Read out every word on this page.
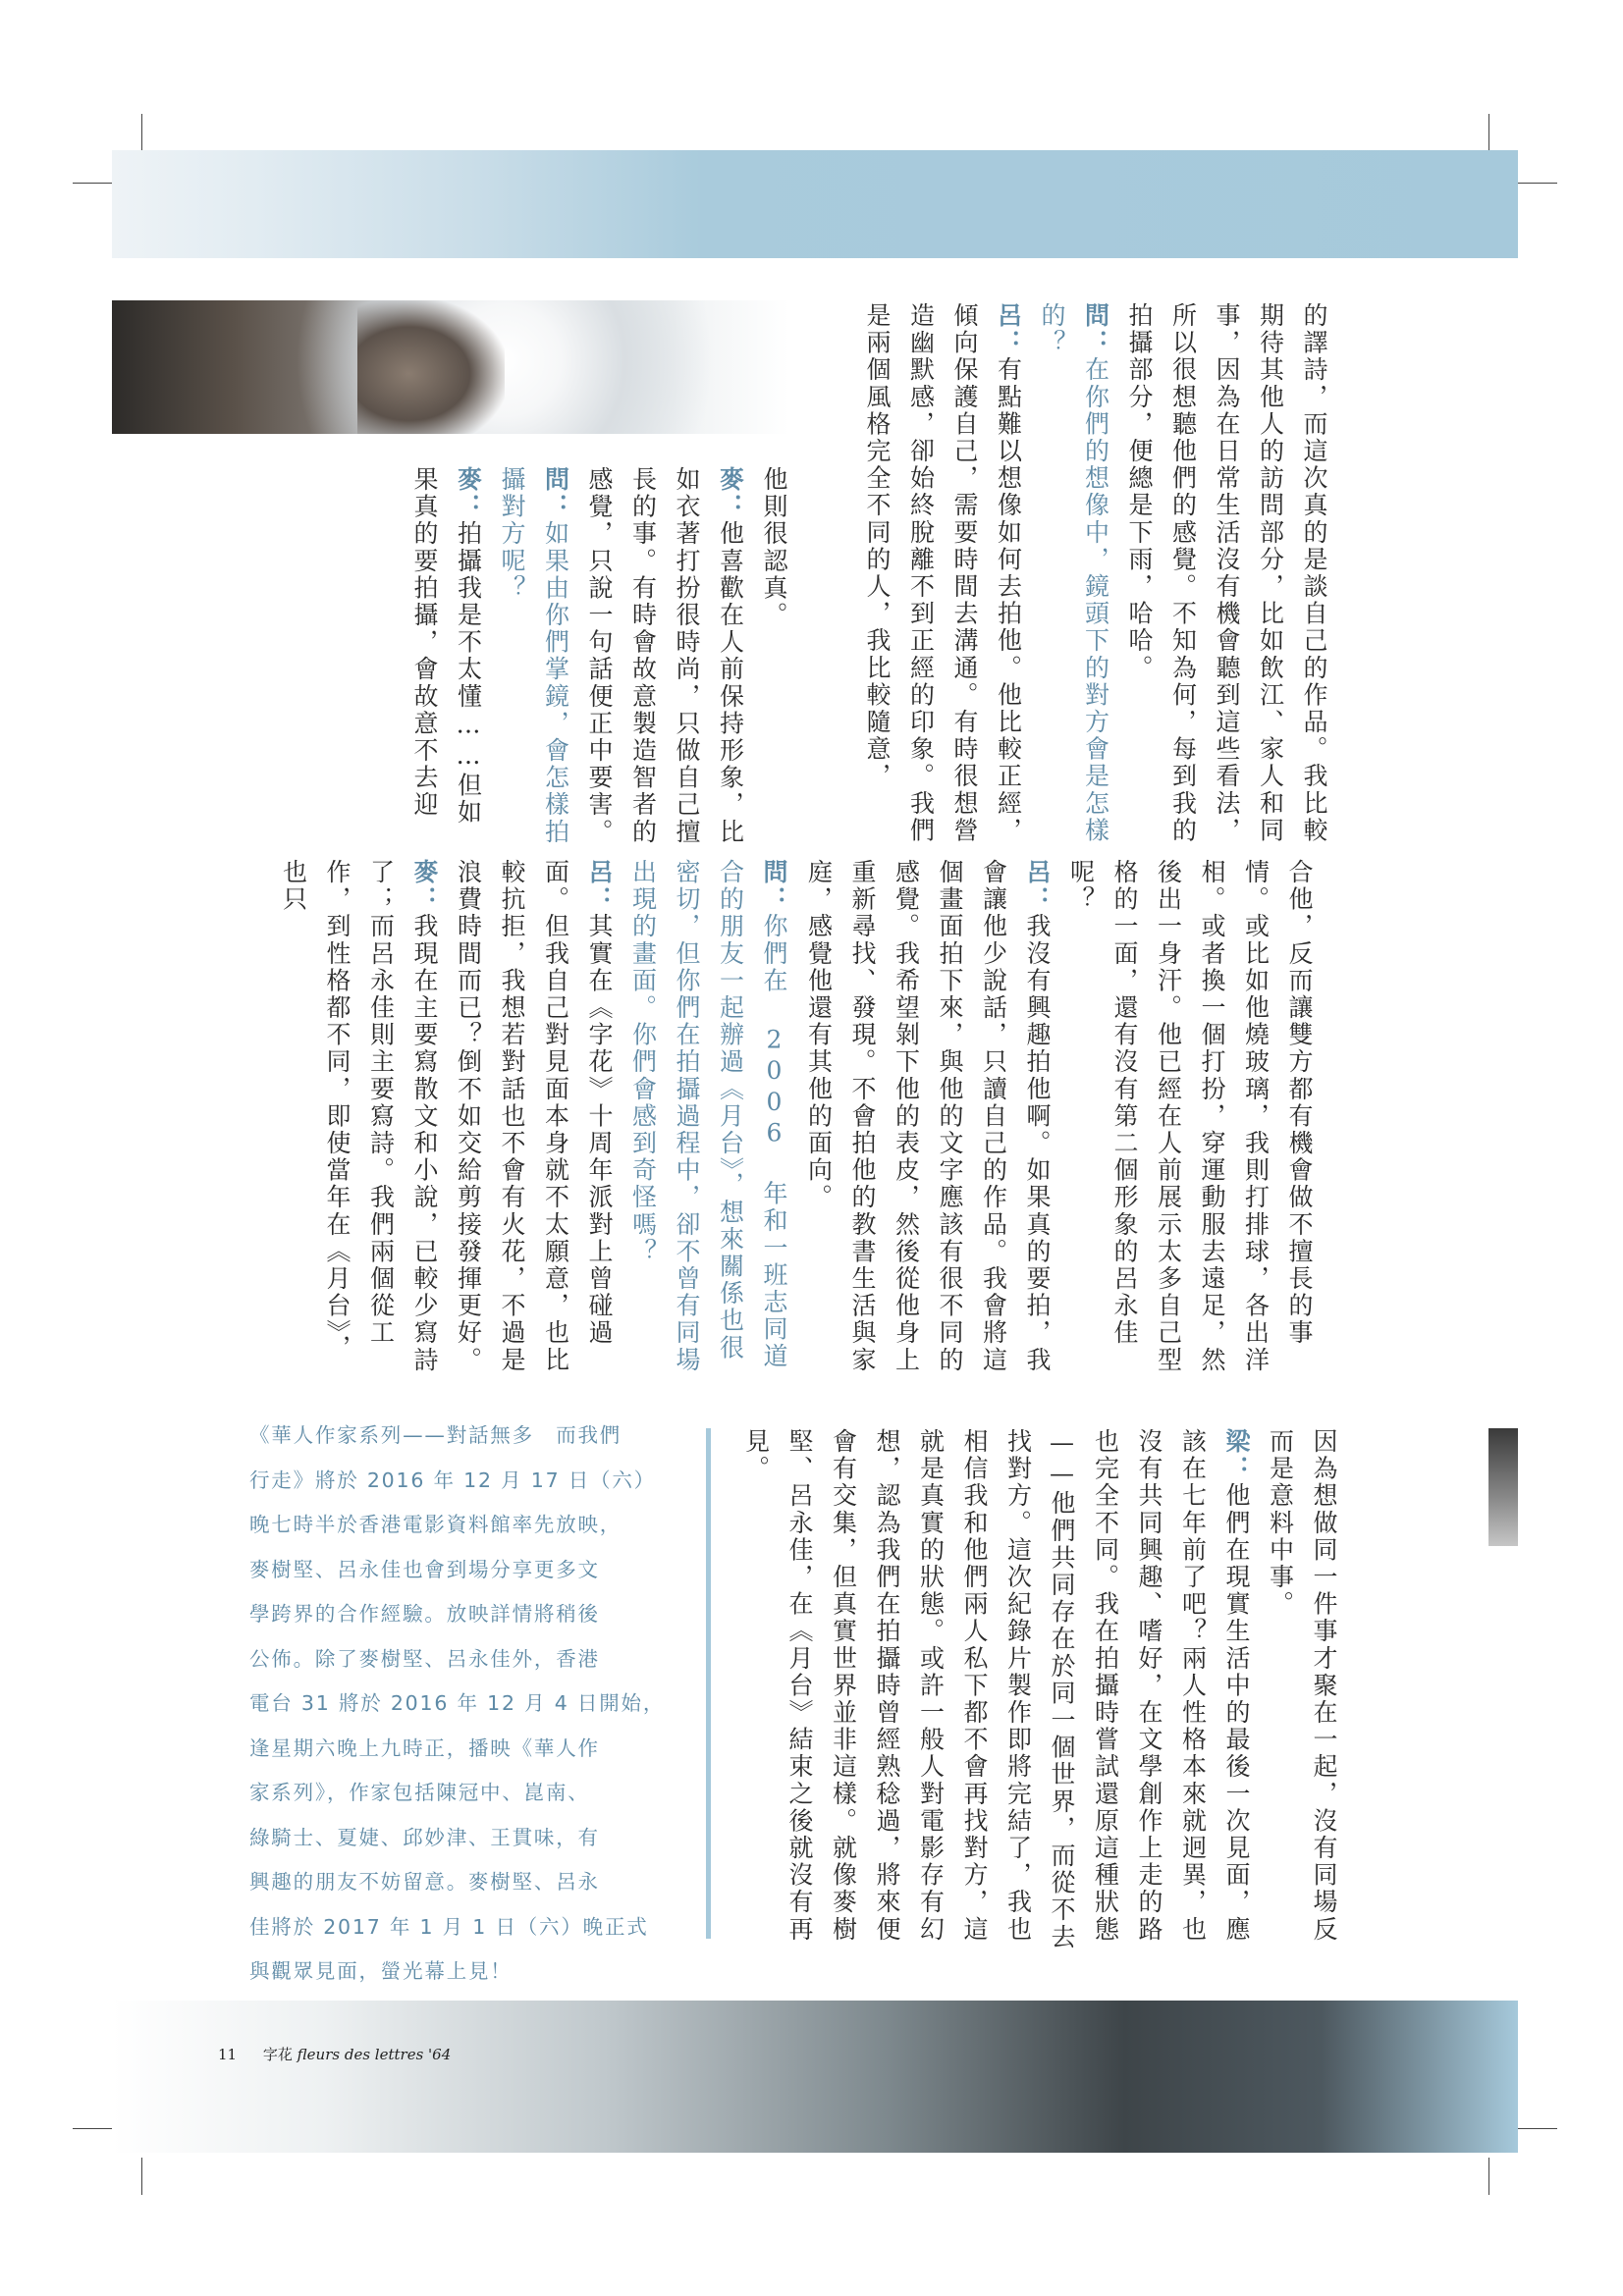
的譯詩，而這次真的是談自己的作品。我比較期待其他人的訪問部分，比如飲江、家人和同事，因為在日常生活沒有機會聽到這些看法，所以很想聽他們的感覺。不知為何，每到我的拍攝部分，便總是下雨，哈哈。

問：在你們的想像中，鏡頭下的對方會是怎樣的？

呂：有點難以想像如何去拍他。他比較正經，傾向保護自己，需要時間去溝通。有時很想營造幽默感，卻始終脫離不到正經的印象。我們是兩個風格完全不同的人，我比較隨意，

他則很認真。

麥：他喜歡在人前保持形象，比如衣著打扮很時尚，只做自己擅長的事。有時會故意製造智者的感覺，只說一句話便正中要害。

問：如果由你們掌鏡，會怎樣拍攝對方呢？

麥：拍攝我是不太懂……但如果真的要拍攝，會故意不去迎

合他，反而讓雙方都有機會做不擅長的事情。或比如他燒玻璃，我則打排球，各出洋相。或者換一個打扮，穿運動服去遠足，然後出一身汗。他已經在人前展示太多自己型格的一面，還有沒有第二個形象的呂永佳呢？

呂：我沒有興趣拍他啊。如果真的要拍，我會讓他少說話，只讀自己的作品。我會將這個畫面拍下來，與他的文字應該有很不同的感覺。我希望剝下他的表皮，然後從他身上重新尋找、發現。不會拍他的教書生活與家庭，感覺他還有其他的面向。

問：你們在 2006 年和一班志同道合的朋友一起辦過《月台》，想來關係也很密切，但你們在拍攝過程中，卻不曾有同場出現的畫面。你們會感到奇怪嗎？

呂：其實在《字花》十周年派對上曾碰過面。但我自己對見面本身就不太願意，也比較抗拒，我想若對話也不會有火花，不過是浪費時間而已？倒不如交給剪接發揮更好。

麥：我現在主要寫散文和小說，已較少寫詩了；而呂永佳則主要寫詩。我們兩個從工作，到性格都不同，即使當年在《月台》，也只

因為想做同一件事才聚在一起，沒有同場反而是意料中事。

梁：他們在現實生活中的最後一次見面，應該在七年前了吧？兩人性格本來就迥異，也沒有共同興趣、嗜好，在文學創作上走的路也完全不同。我在拍攝時嘗試還原這種狀態——他們共同存在於同一個世界，而從不去找對方。這次紀錄片製作即將完結了，我也相信我和他們兩人私下都不會再找對方，這就是真實的狀態。或許一般人對電影存有幻想，認為我們在拍攝時曾經熟稔過，將來便會有交集，但真實世界並非這樣。就像麥樹堅、呂永佳，在《月台》結束之後就沒有再見。

《華人作家系列——對話無多　而我們

行走》將於 2016 年 12 月 17 日（六）

晚七時半於香港電影資料館率先放映，

麥樹堅、呂永佳也會到場分享更多文

學跨界的合作經驗。放映詳情將稍後

公佈。除了麥樹堅、呂永佳外，香港

電台 31 將於 2016 年 12 月 4 日開始，

逢星期六晚上九時正，播映《華人作

家系列》，作家包括陳冠中、崑南、

綠騎士、夏婕、邱妙津、王貫味，有

興趣的朋友不妨留意。麥樹堅、呂永

佳將於 2017 年 1 月 1 日（六）晚正式

與觀眾見面，螢光幕上見！

11 字花 fleurs des lettres '64
